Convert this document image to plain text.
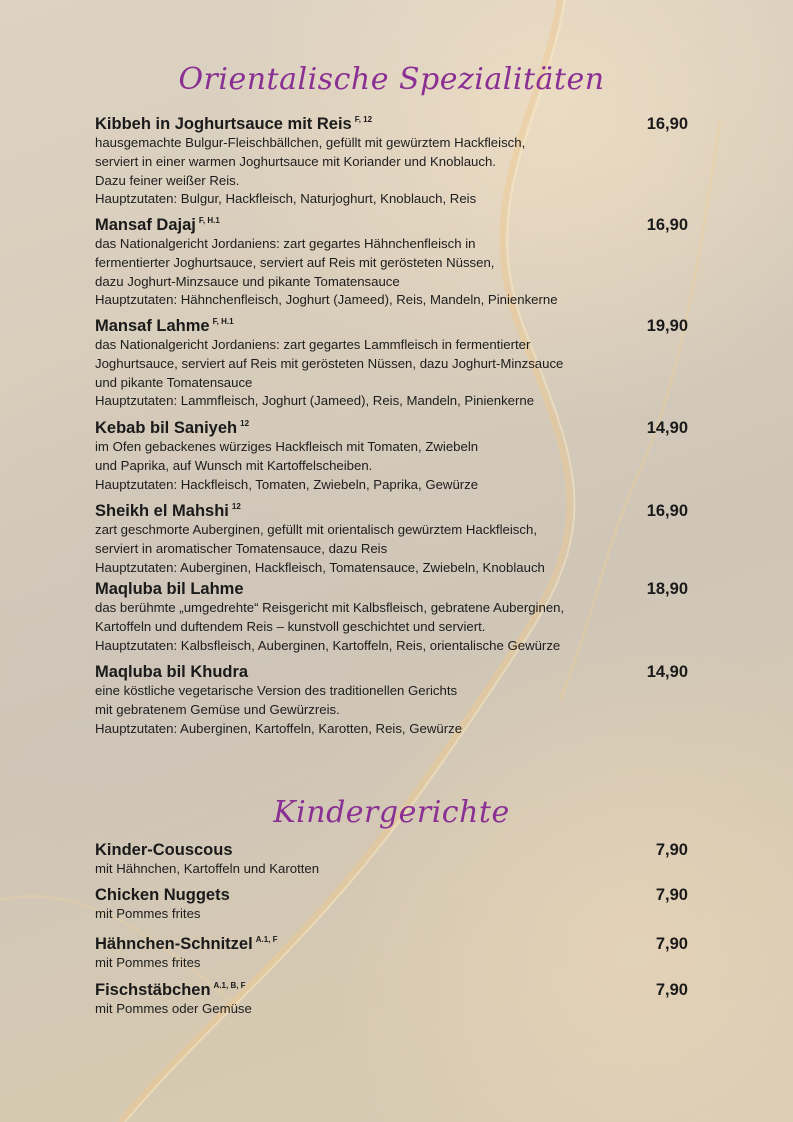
Orientalische Spezialitäten
Kibbeh in Joghurtsauce mit Reis $^{F, 12}$	16,90
hausgemachte Bulgur-Fleischbällchen, gefüllt mit gewürztem Hackfleisch,
serviert in einer warmen Joghurtsauce mit Koriander und Knoblauch.
Dazu feiner weißer Reis.
Hauptzutaten: Bulgur, Hackfleisch, Naturjoghurt, Knoblauch, Reis
Mansaf Dajaj $^{F, H.1}$	16,90
das Nationalgericht Jordaniens: zart gegartes Hähnchenfleisch in
fermentierter Joghurtsauce, serviert auf Reis mit gerösteten Nüssen,
dazu Joghurt-Minzsauce und pikante Tomatensauce
Hauptzutaten: Hähnchenfleisch, Joghurt (Jameed), Reis, Mandeln, Pinienkerne
Mansaf Lahme $^{F, H.1}$	19,90
das Nationalgericht Jordaniens: zart gegartes Lammfleisch in fermentierter
Joghurtsauce, serviert auf Reis mit gerösteten Nüssen, dazu Joghurt-Minzsauce
und pikante Tomatensauce
Hauptzutaten: Lammfleisch, Joghurt (Jameed), Reis, Mandeln, Pinienkerne
Kebab bil Saniyeh $^{12}$	14,90
im Ofen gebackenes würziges Hackfleisch mit Tomaten, Zwiebeln
und Paprika, auf Wunsch mit Kartoffelscheiben.
Hauptzutaten: Hackfleisch, Tomaten, Zwiebeln, Paprika, Gewürze
Sheikh el Mahshi $^{12}$	16,90
zart geschmorte Auberginen, gefüllt mit orientalisch gewürztem Hackfleisch,
serviert in aromatischer Tomatensauce, dazu Reis
Hauptzutaten: Auberginen, Hackfleisch, Tomatensauce, Zwiebeln, Knoblauch
Maqluba bil Lahme	18,90
das berühmte „umgedrehte“ Reisgericht mit Kalbsfleisch, gebratene Auberginen,
Kartoffeln und duftendem Reis – kunstvoll geschichtet und serviert.
Hauptzutaten: Kalbsfleisch, Auberginen, Kartoffeln, Reis, orientalische Gewürze
Maqluba bil Khudra	14,90
eine köstliche vegetarische Version des traditionellen Gerichts
mit gebratenem Gemüse und Gewürzreis.
Hauptzutaten: Auberginen, Kartoffeln, Karotten, Reis, Gewürze
Kindergerichte
Kinder-Couscous	7,90
mit Hähnchen, Kartoffeln und Karotten
Chicken Nuggets	7,90
mit Pommes frites
Hähnchen-Schnitzel $^{A.1, F}$	7,90
mit Pommes frites
Fischstäbchen $^{A.1, B, F}$	7,90
mit Pommes oder Gemüse
